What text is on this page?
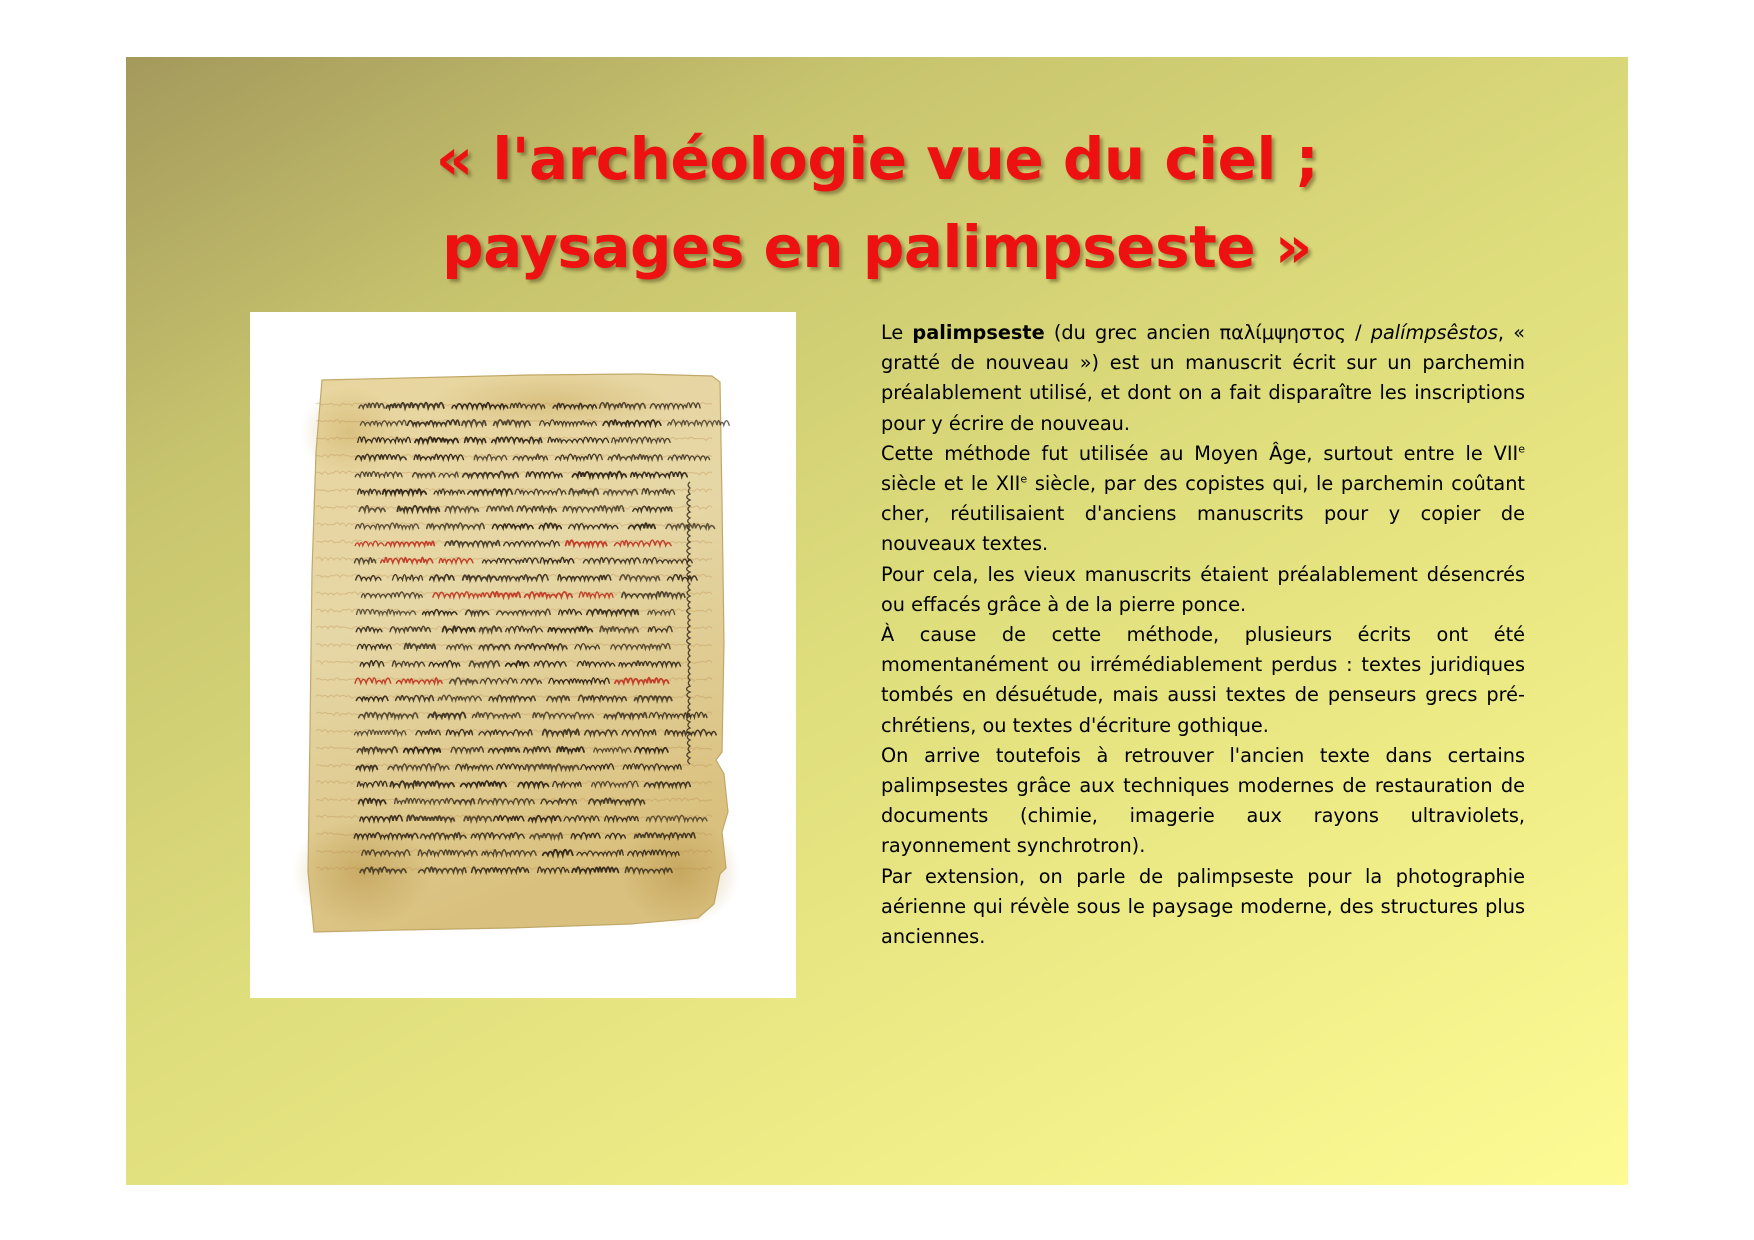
« l'archéologie vue du ciel ;
paysages en palimpseste »

Le palimpseste (du grec ancien παλίμψηστος / palímpsêstos, « gratté de nouveau ») est un manuscrit écrit sur un parchemin préalablement utilisé, et dont on a fait disparaître les inscriptions pour y écrire de nouveau.

Cette méthode fut utilisée au Moyen Âge, surtout entre le VIIe siècle et le XIIe siècle, par des copistes qui, le parchemin coûtant cher, réutilisaient d'anciens manuscrits pour y copier de nouveaux textes.

Pour cela, les vieux manuscrits étaient préalablement désencrés ou effacés grâce à de la pierre ponce.

À cause de cette méthode, plusieurs écrits ont été momentanément ou irrémédiablement perdus : textes juridiques tombés en désuétude, mais aussi textes de penseurs grecs pré-chrétiens, ou textes d'écriture gothique.

On arrive toutefois à retrouver l'ancien texte dans certains palimpsestes grâce aux techniques modernes de restauration de documents (chimie, imagerie aux rayons ultraviolets, rayonnement synchrotron).

Par extension, on parle de palimpseste pour la photographie aérienne qui révèle sous le paysage moderne, des structures plus anciennes.
